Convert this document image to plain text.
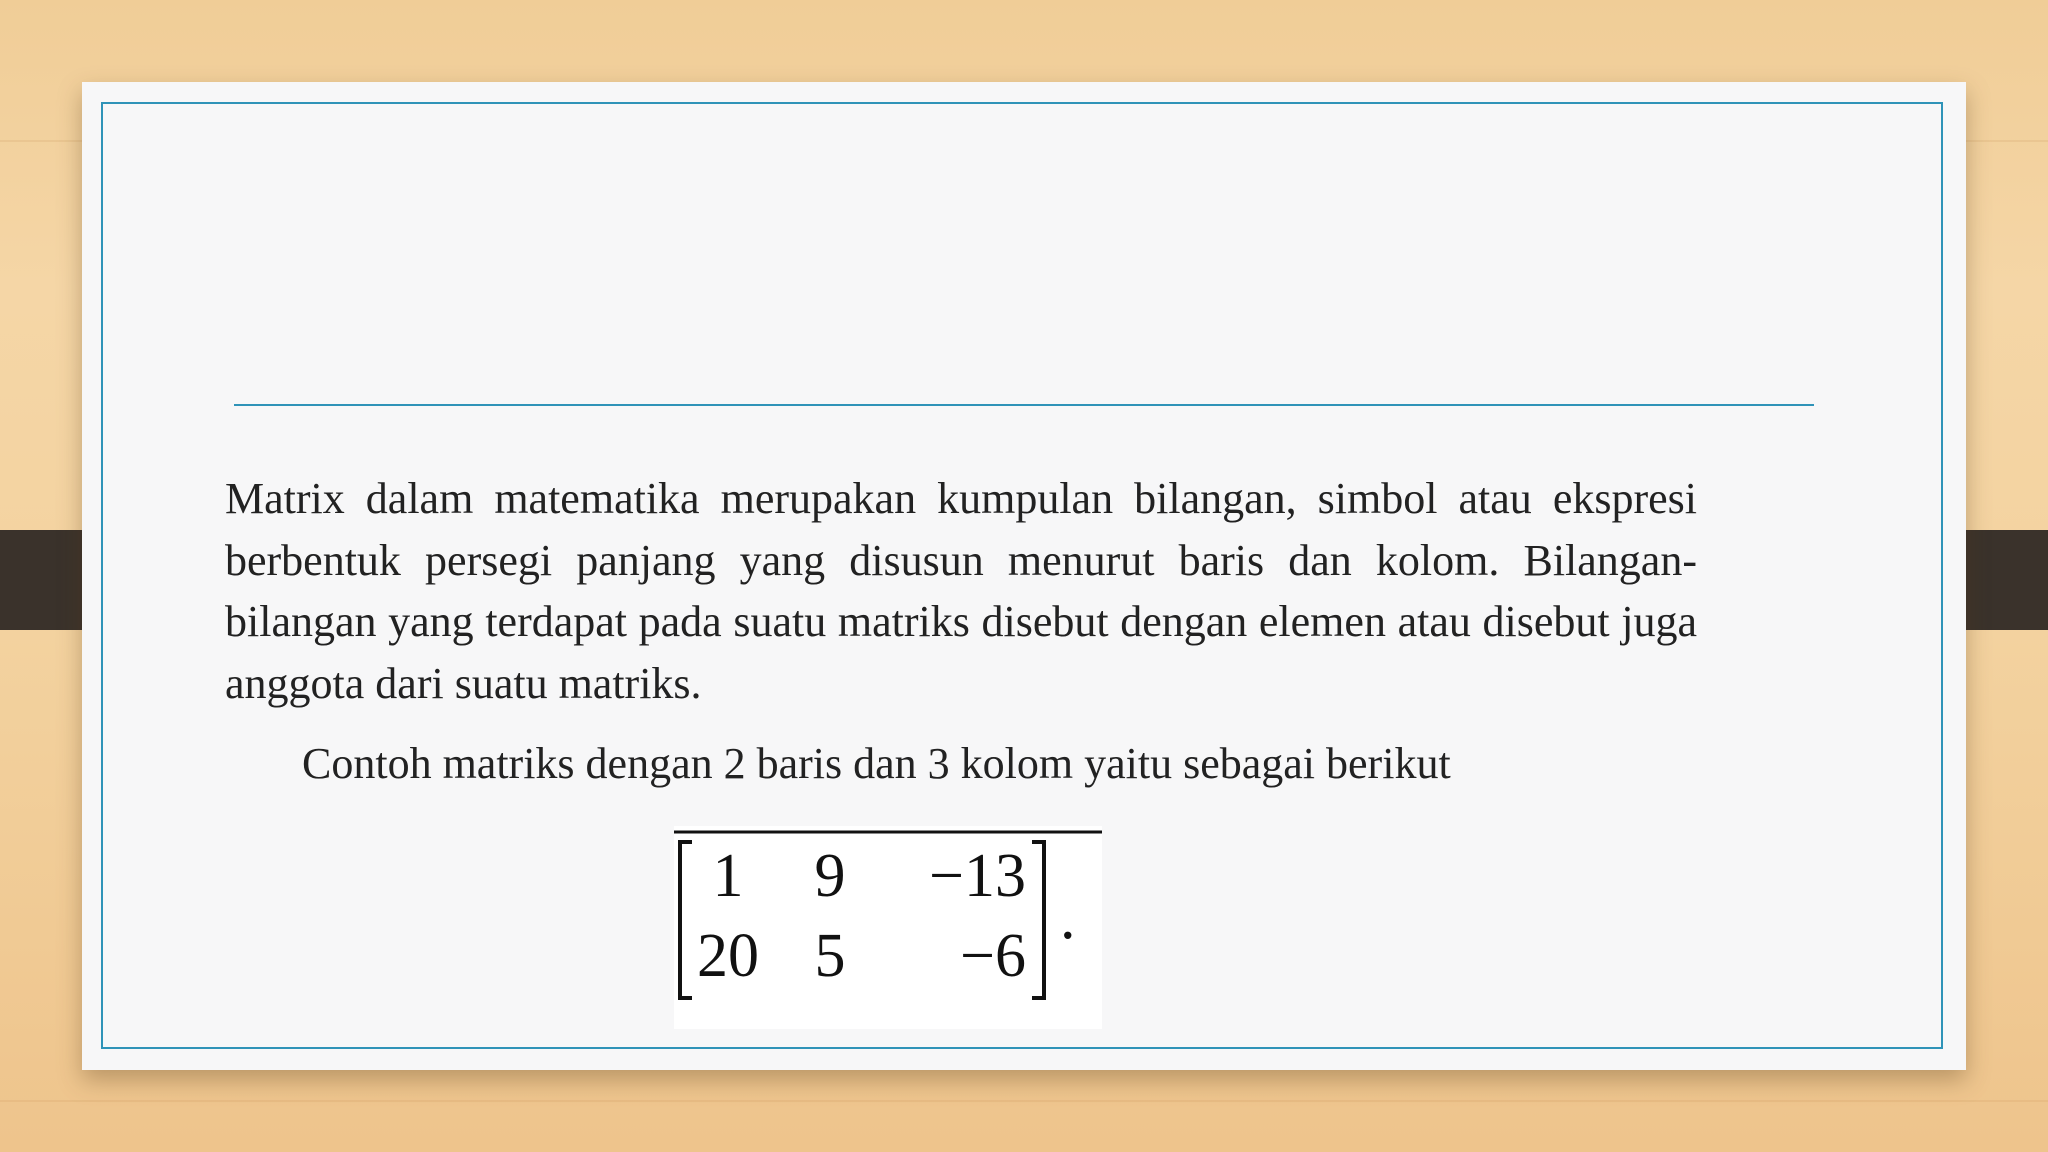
Matrix dalam matematika merupakan kumpulan bilangan, simbol atau ekspresi berbentuk persegi panjang yang disusun menurut baris dan kolom. Bilangan-bilangan yang terdapat pada suatu matriks disebut dengan elemen atau disebut juga anggota dari suatu matriks.
Contoh matriks dengan 2 baris dan 3 kolom yaitu sebagai berikut
1 9 −13
20 5 −6
.
